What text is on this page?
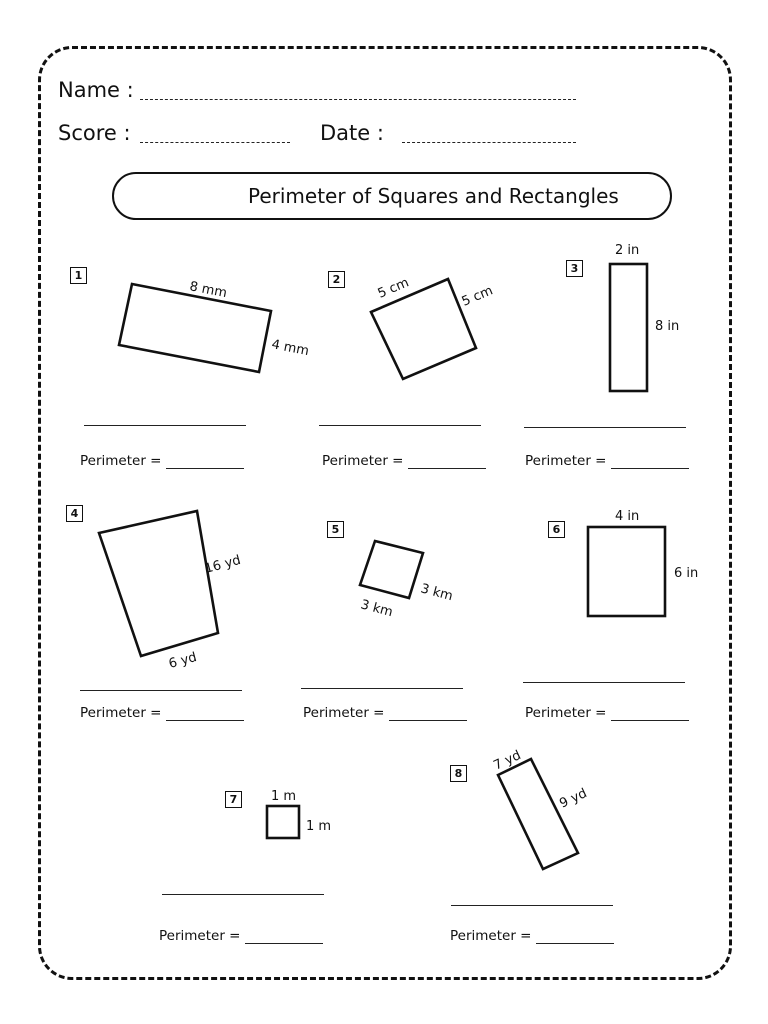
Name :
Score :	Date :
Perimeter of Squares and Rectangles
1	2
3
4
5	6
7
8
8 mm
4 mm
5 cm	5 cm
2 in
8 in
16 yd
6 yd
3 km
3 km
4 in
6 in
1 m
1 m
7 yd
9 yd
Perimeter =	Perimeter =	Perimeter =
Perimeter =	Perimeter =	Perimeter =
Perimeter =	Perimeter =
